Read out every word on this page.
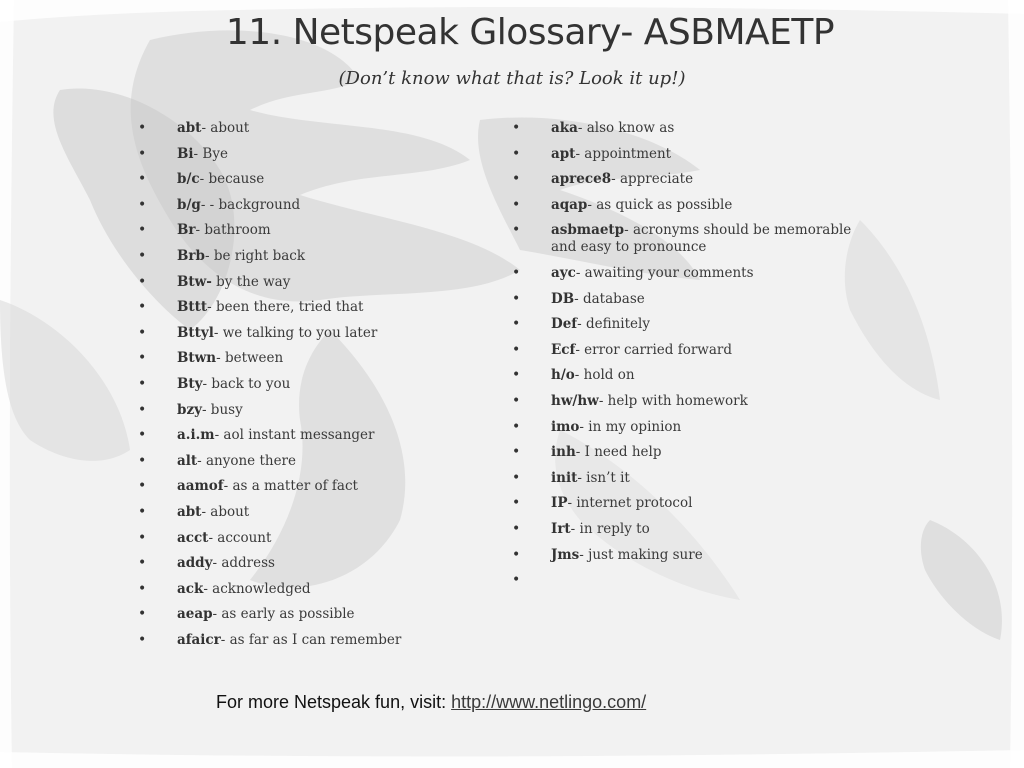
11. Netspeak Glossary- ASBMAETP
(Don’t know what that is? Look it up!)
• abt- about
• Bi- Bye
• b/c- because
• b/g- - background
• Br- bathroom
• Brb- be right back
• Btw- by the way
• Bttt- been there, tried that
• Bttyl- we talking to you later
• Btwn- between
• Bty- back to you
• bzy- busy
• a.i.m- aol instant messanger
• alt- anyone there
• aamof- as a matter of fact
• abt- about
• acct- account
• addy- address
• ack- acknowledged
• aeap- as early as possible
• afaicr- as far as I can remember
• aka- also know as
• apt- appointment
• aprece8- appreciate
• aqap- as quick as possible
• asbmaetp- acronyms should be memorable and easy to pronounce
• ayc- awaiting your comments
• DB- database
• Def- definitely
• Ecf- error carried forward
• h/o- hold on
• hw/hw- help with homework
• imo- in my opinion
• inh- I need help
• init- isn’t it
• IP- internet protocol
• Irt- in reply to
• Jms- just making sure
•
For more Netspeak fun, visit: http://www.netlingo.com/
